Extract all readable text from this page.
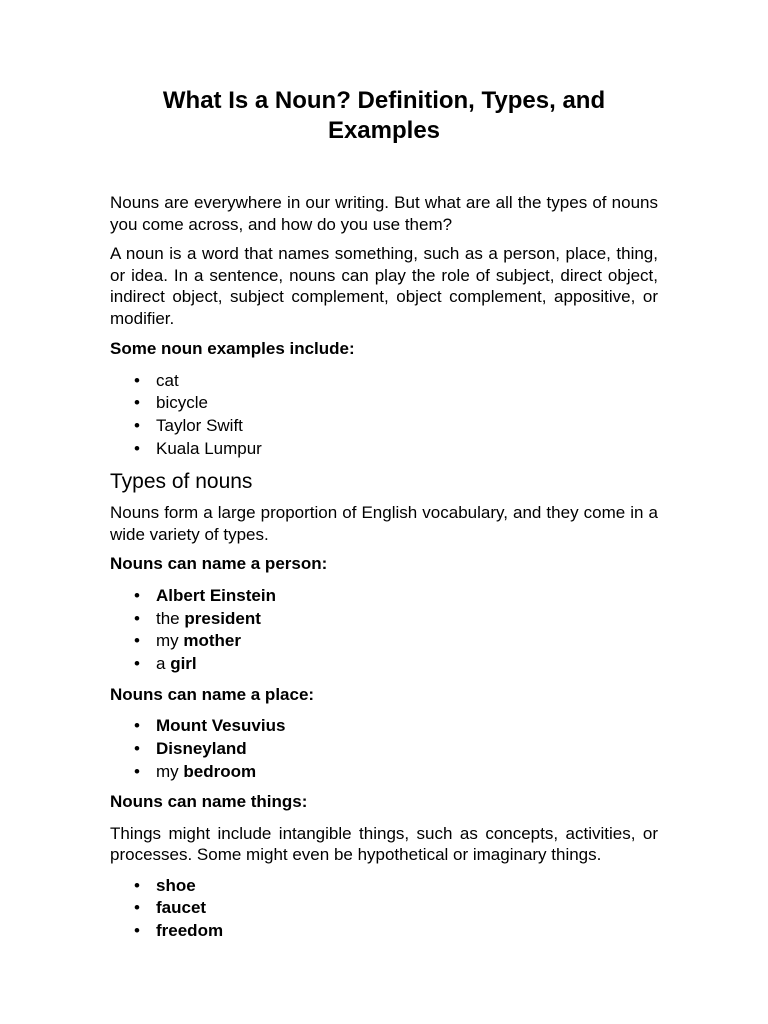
What Is a Noun? Definition, Types, and Examples

Nouns are everywhere in our writing. But what are all the types of nouns you come across, and how do you use them?

A noun is a word that names something, such as a person, place, thing, or idea. In a sentence, nouns can play the role of subject, direct object, indirect object, subject complement, object complement, appositive, or modifier.

Some noun examples include:
• cat
• bicycle
• Taylor Swift
• Kuala Lumpur
Types of nouns

Nouns form a large proportion of English vocabulary, and they come in a wide variety of types.

Nouns can name a person:
• Albert Einstein
• the president
• my mother
• a girl
Nouns can name a place:
• Mount Vesuvius
• Disneyland
• my bedroom
Nouns can name things:

Things might include intangible things, such as concepts, activities, or processes. Some might even be hypothetical or imaginary things.

• shoe
• faucet
• freedom
